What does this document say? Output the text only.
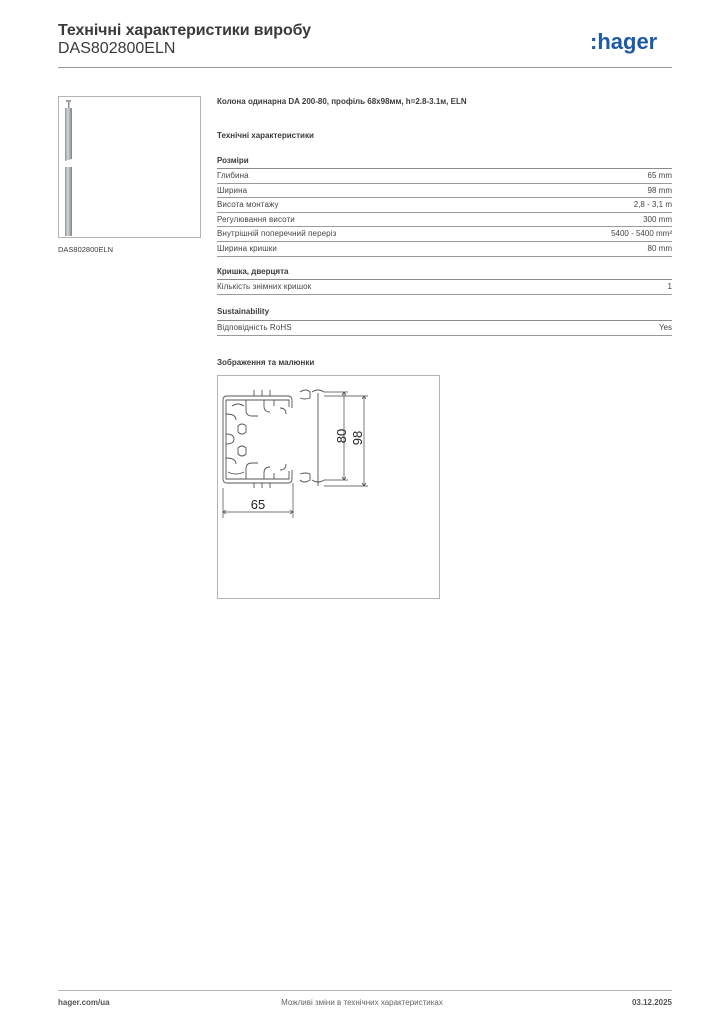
Технічні характеристики виробу
DAS802800ELN	:hager
DAS802800ELN
Колона одинарна DA 200-80, профіль 68x98мм, h=2.8-3.1м, ELN
Технічні характеристики
Розміри
Глибина	65 mm
Ширина	98 mm
Висота монтажу	2,8 - 3,1 m
Регулювання висоти	300 mm
Внутрішній поперечний переріз	5400 - 5400 mm²
Ширина кришки	80 mm
Кришка, дверцята
Кількість знімних кришок	1
Sustainability
Відповідність RoHS	Yes
Зображення та малюнки
65
80 98
hager.com/ua	Можливі зміни в технічних характеристиках	03.12.2025
